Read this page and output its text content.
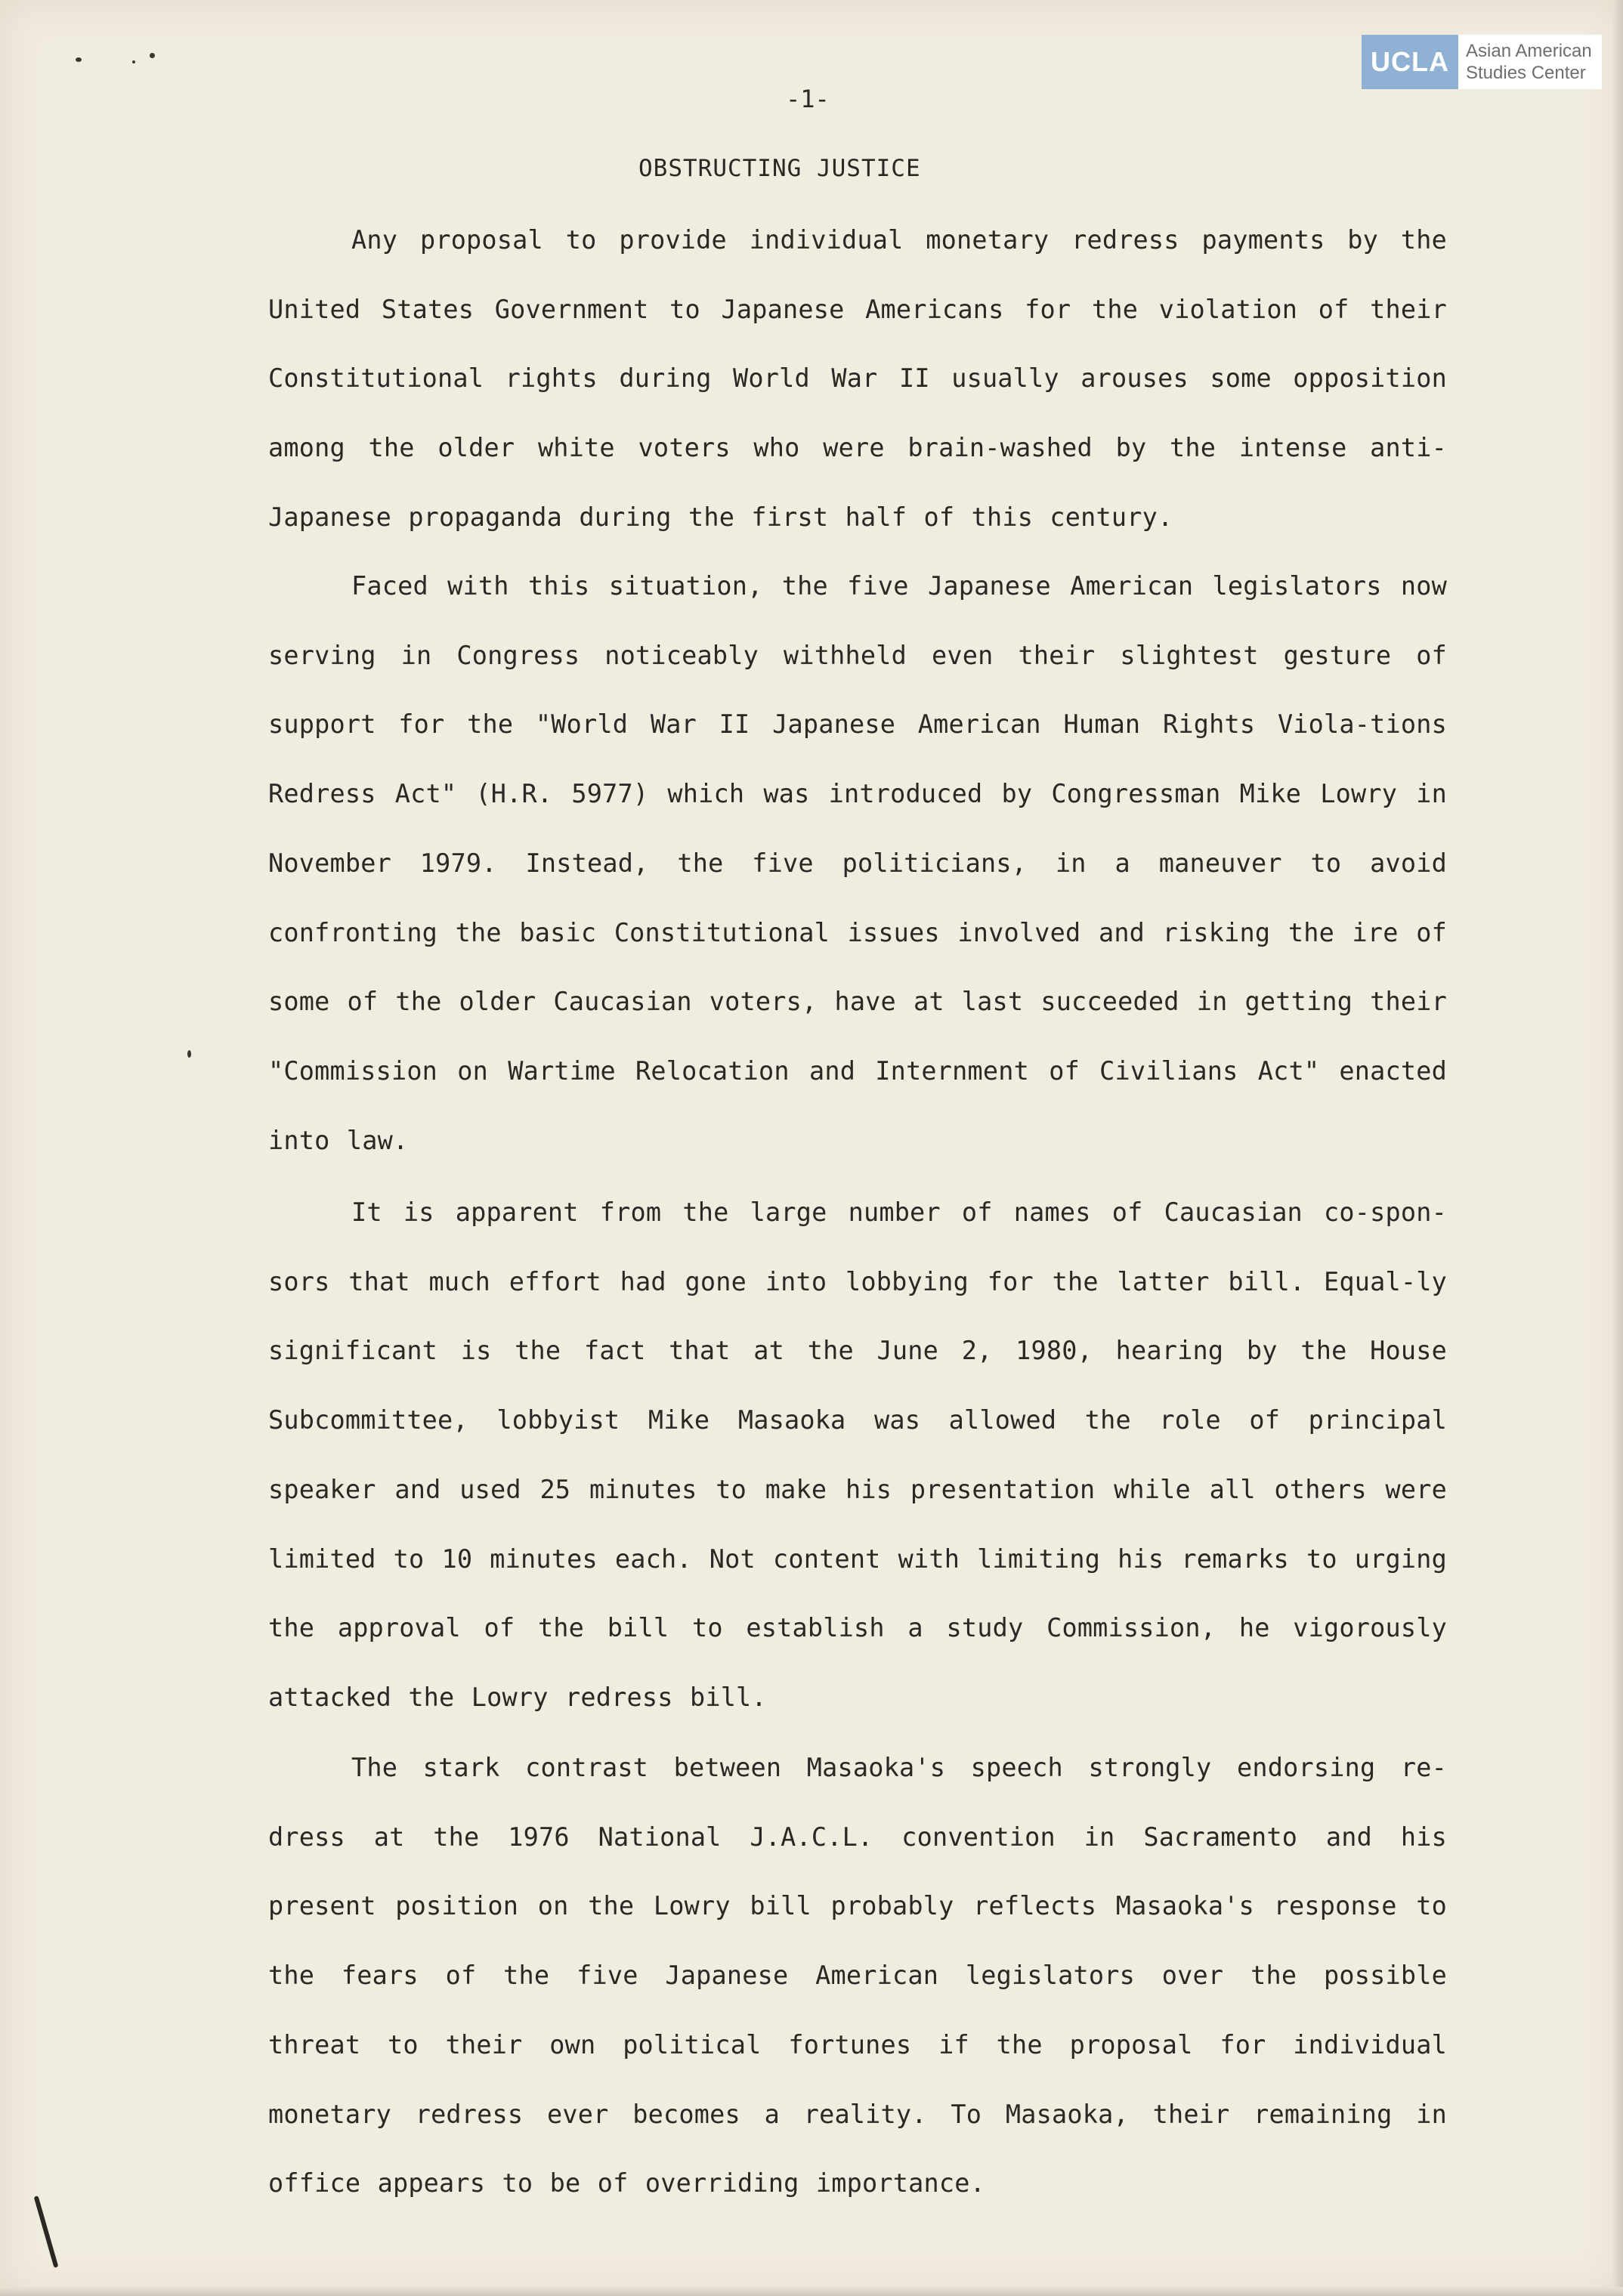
UCLA Asian American
Studies Center
-1-
OBSTRUCTING JUSTICE

Any proposal to provide individual monetary redress payments by the United States Government to Japanese Americans for the violation of their Constitutional rights during World War II usually arouses some opposition among the older white voters who were brain-washed by the intense anti-Japanese propaganda during the first half of this century.

Faced with this situation, the five Japanese American legislators now serving in Congress noticeably withheld even their slightest gesture of support for the "World War II Japanese American Human Rights Viola-tions Redress Act" (H.R. 5977) which was introduced by Congressman Mike Lowry in November 1979. Instead, the five politicians, in a maneuver to avoid confronting the basic Constitutional issues involved and risking the ire of some of the older Caucasian voters, have at last succeeded in getting their "Commission on Wartime Relocation and Internment of Civilians Act" enacted into law.

It is apparent from the large number of names of Caucasian co-spon-sors that much effort had gone into lobbying for the latter bill. Equal-ly significant is the fact that at the June 2, 1980, hearing by the House Subcommittee, lobbyist Mike Masaoka was allowed the role of principal speaker and used 25 minutes to make his presentation while all others were limited to 10 minutes each. Not content with limiting his remarks to urging the approval of the bill to establish a study Commission, he vigorously attacked the Lowry redress bill.

The stark contrast between Masaoka's speech strongly endorsing re-dress at the 1976 National J.A.C.L. convention in Sacramento and his present position on the Lowry bill probably reflects Masaoka's response to the fears of the five Japanese American legislators over the possible threat to their own political fortunes if the proposal for individual monetary redress ever becomes a reality. To Masaoka, their remaining in office appears to be of overriding importance.
